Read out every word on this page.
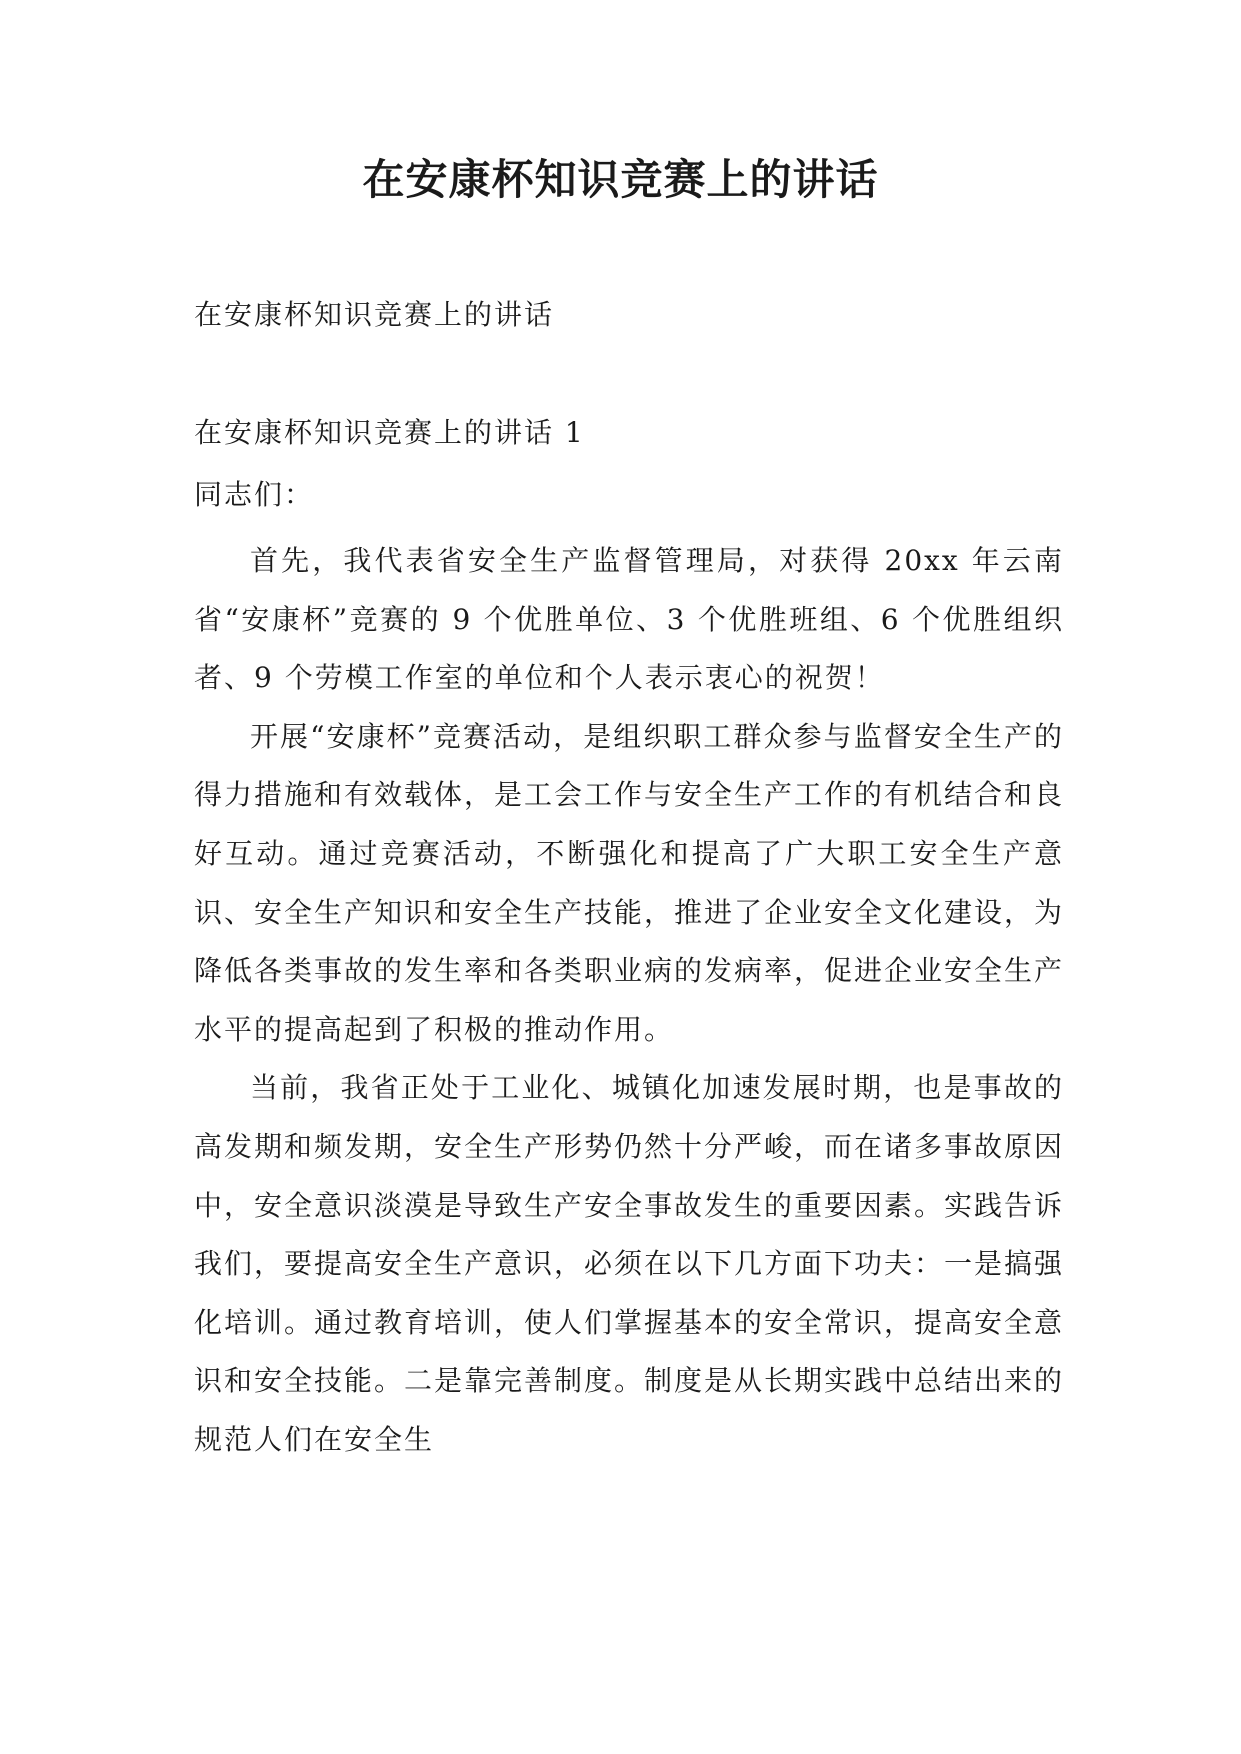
在安康杯知识竞赛上的讲话
在安康杯知识竞赛上的讲话
在安康杯知识竞赛上的讲话 1
同志们：

首先，我代表省安全生产监督管理局，对获得 20xx 年云南省“安康杯”竞赛的 9 个优胜单位、3 个优胜班组、6 个优胜组织者、9 个劳模工作室的单位和个人表示衷心的祝贺！

开展“安康杯”竞赛活动，是组织职工群众参与监督安全生产的得力措施和有效载体，是工会工作与安全生产工作的有机结合和良好互动。通过竞赛活动，不断强化和提高了广大职工安全生产意识、安全生产知识和安全生产技能，推进了企业安全文化建设，为降低各类事故的发生率和各类职业病的发病率，促进企业安全生产水平的提高起到了积极的推动作用。

当前，我省正处于工业化、城镇化加速发展时期，也是事故的高发期和频发期，安全生产形势仍然十分严峻，而在诸多事故原因中，安全意识淡漠是导致生产安全事故发生的重要因素。实践告诉我们，要提高安全生产意识，必须在以下几方面下功夫：一是搞强化培训。通过教育培训，使人们掌握基本的安全常识，提高安全意识和安全技能。二是靠完善制度。制度是从长期实践中总结出来的规范人们在安全生
